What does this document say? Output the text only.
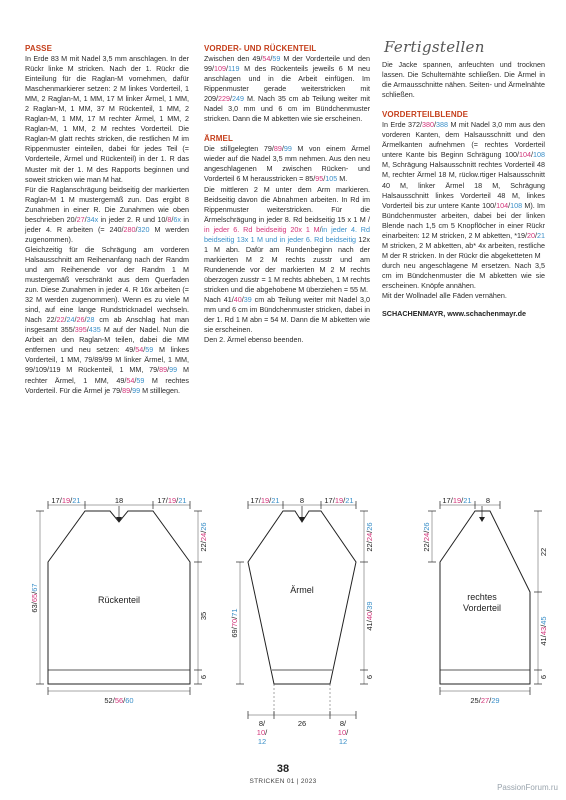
PASSE

In Erde 83 M mit Nadel 3,5 mm anschlagen. In der Rückr linke M stricken. Nach der 1. Rückr die Einteilung für die Raglan-M vornehmen, dafür Maschenmarkierer setzen: 2 M linkes Vorderteil, 1 MM, 2 Raglan-M, 1 MM, 17 M linker Ärmel, 1 MM, 2 Raglan-M, 1 MM, 37 M Rückenteil, 1 MM, 2 Raglan-M, 1 MM, 17 M rechter Ärmel, 1 MM, 2 Raglan-M, 1 MM, 2 M rechtes Vorderteil. Die Raglan-M glatt rechts stricken, die restlichen M im Rippenmuster einteilen, dabei für jedes Teil (= Vorderteile, Ärmel und Rückenteil) in der 1. R das Muster mit der 1. M des Rapports beginnen und soweit stricken wie man M hat.

Für die Raglanschrägung beidseitig der markierten Raglan-M 1 M mustergemäß zun. Das ergibt 8 Zunahmen in einer R. Die Zunahmen wie oben beschrieben 20/27/34x in jeder 2. R und 10/8/6x in jeder 4. R arbeiten (= 240/280/320 M werden zugenommen).

Gleichzeitig für die Schrägung am vorderen Halsausschnitt am Reihenanfang nach der Randm und am Reihenende vor der Randm 1 M mustergemäß verschränkt aus dem Querfaden zun. Diese Zunahmen in jeder 4. R 16x arbeiten (= 32 M werden zugenommen). Wenn es zu viele M sind, auf eine lange Rundstricknadel wechseln. Nach 22/22/24/26/28 cm ab Anschlag hat man insgesamt 355/395/435 M auf der Nadel. Nun die Arbeit an den Raglan-M teilen, dabei die MM entfernen und neu setzen: 49/54/59 M linkes Vorderteil, 1 MM, 79/89/99 M linker Ärmel, 1 MM, 99/109/119 M Rückenteil, 1 MM, 79/89/99 M rechter Ärmel, 1 MM, 49/54/59 M rechtes Vorderteil. Für die Ärmel je 79/89/99 M stilllegen.

VORDER- UND RÜCKENTEIL

Zwischen den 49/54/59 M der Vorderteile und den 99/109/119 M des Rückenteils jeweils 6 M neu anschlagen und in die Arbeit einfügen. Im Rippenmuster gerade weiterstricken mit 209/229/249 M. Nach 35 cm ab Teilung weiter mit Nadel 3,0 mm und 6 cm im Bündchenmuster stricken. Dann die M abketten wie sie erscheinen.

ÄRMEL

Die stillgelegten 79/89/99 M von einem Ärmel wieder auf die Nadel 3,5 mm nehmen. Aus den neu angeschlagenen M zwischen Rücken- und Vorderteil 6 M herausstricken = 85/95/105 M.

Die mittleren 2 M unter dem Arm markieren. Beidseitig davon die Abnahmen arbeiten. In Rd im Rippenmuster weiterstricken. Für die Ärmelschrägung in jeder 8. Rd beidseitig 15 x 1 M / in jeder 6. Rd beidseitig 20x 1 M/in jeder 4. Rd beidseitig 13x 1 M und in jeder 6. Rd beidseitig 12x 1 M abn. Dafür am Rundenbeginn nach der markierten M 2 M rechts zusstr und am Rundenende vor der markierten M 2 M rechts überzogen zusstr = 1 M rechts abheben, 1 M rechts stricken und die abgehobene M überziehen = 55 M.

Nach 41/40/39 cm ab Teilung weiter mit Nadel 3,0 mm und 6 cm im Bündchenmuster stricken, dabei in der 1. Rd 1 M abn = 54 M. Dann die M abketten wie sie erscheinen.

Den 2. Ärmel ebenso beenden.

Fertigstellen

Die Jacke spannen, anfeuchten und trocknen lassen. Die Schulternähte schließen. Die Ärmel in die Armausschnitte nähen. Seiten- und Ärmelnähte schließen.

VORDERTEILBLENDE

In Erde 372/380/388 M mit Nadel 3,0 mm aus den vorderen Kanten, dem Halsausschnitt und den Ärmelkanten aufnehmen (= rechtes Vorderteil untere Kante bis Beginn Schrägung 100/104/108 M, Schrägung Halsausschnitt rechtes Vorderteil 48 M, rechter Ärmel 18 M, rückw.rtiger Halsausschnitt 40 M, linker Ärmel 18 M, Schrägung Halsausschnitt linkes Vorderteil 48 M, linkes Vorderteil bis zur untere Kante 100/104/108 M). Im Bündchenmuster arbeiten, dabei bei der linken Blende nach 1,5 cm 5 Knopflöcher in einer Rückr einarbeiten: 12 M stricken, 2 M abketten, *19/20/21 M stricken, 2 M abketten, ab* 4x arbeiten, restliche M der R stricken. In der Rückr die abgeketteten M

durch neu angeschlagene M ersetzen. Nach 3,5 cm im Bündchenmuster die M abketten wie sie erscheinen. Knöpfe annähen.

Mit der Wollnadel alle Fäden vernähen.

SCHACHENMAYR, www.schachenmayr.de

Rückenteil
17/19/21	18	17/19/21
63/65/67
22/24/26
35
6
52/56/60
Ärmel
17/19/21	8	17/19/21
69/70/71
22/24/26
41/40/39
6
8/
10/
12
26	8/
10/
12
rechtes
Vorderteil
17/19/21 8
22/24/26
22
41/43/45
6
25/27/29
38
STRICKEN 01 | 2023
PassionForum.ru
